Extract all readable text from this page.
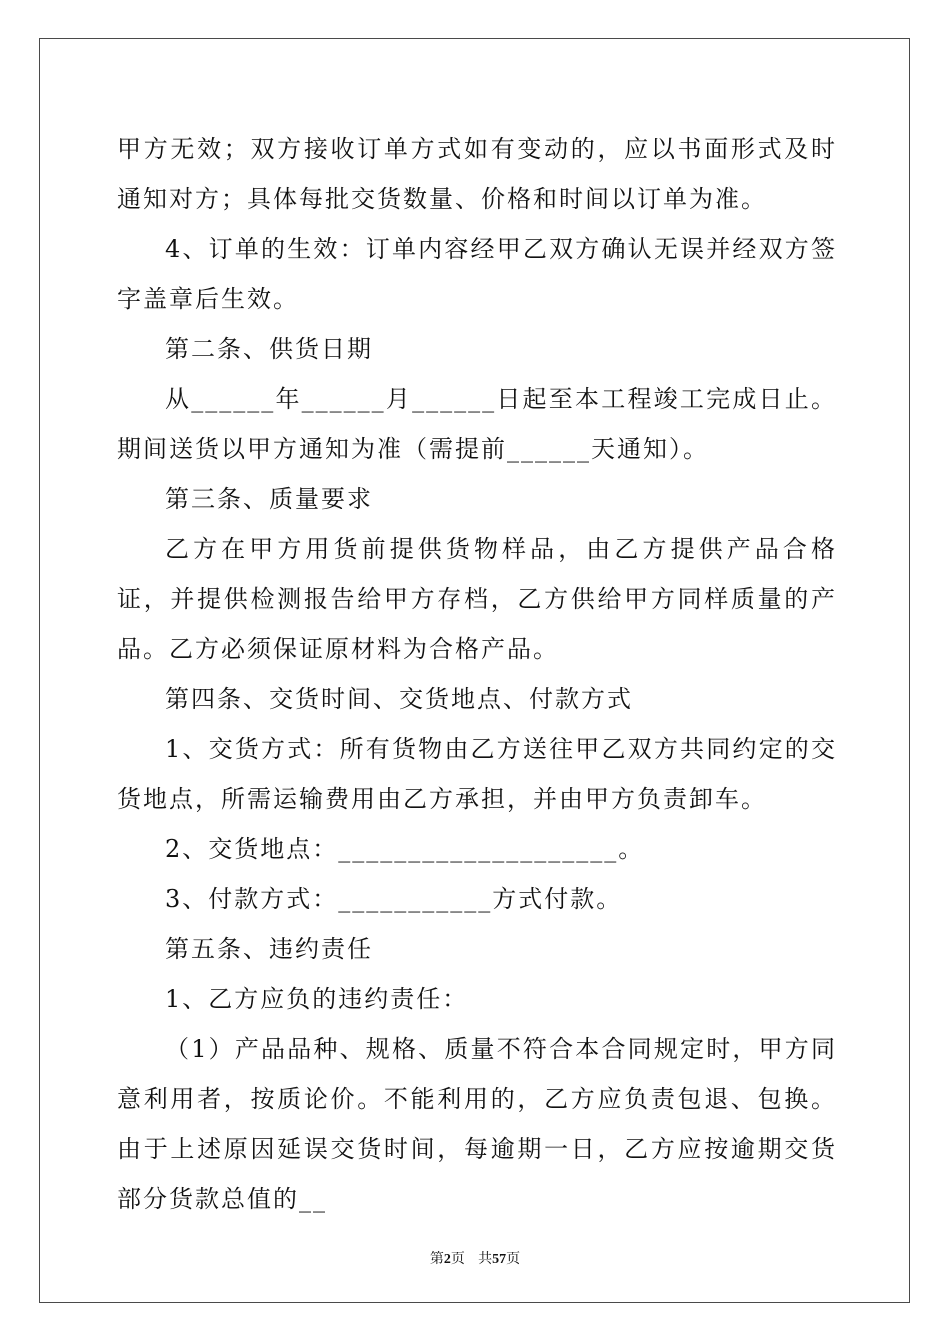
甲方无效；双方接收订单方式如有变动的，应以书面形式及时通知对方；具体每批交货数量、价格和时间以订单为准。

4、订单的生效：订单内容经甲乙双方确认无误并经双方签字盖章后生效。

第二条、供货日期

从______年______月______日起至本工程竣工完成日止。期间送货以甲方通知为准（需提前______天通知）。

第三条、质量要求

乙方在甲方用货前提供货物样品，由乙方提供产品合格证，并提供检测报告给甲方存档，乙方供给甲方同样质量的产品。乙方必须保证原材料为合格产品。

第四条、交货时间、交货地点、付款方式

1、交货方式：所有货物由乙方送往甲乙双方共同约定的交货地点，所需运输费用由乙方承担，并由甲方负责卸车。

2、交货地点：____________________。

3、付款方式：___________方式付款。

第五条、违约责任

1、乙方应负的违约责任：

（1）产品品种、规格、质量不符合本合同规定时，甲方同意利用者，按质论价。不能利用的，乙方应负责包退、包换。由于上述原因延误交货时间，每逾期一日，乙方应按逾期交货部分货款总值的__

第2页 共57页
